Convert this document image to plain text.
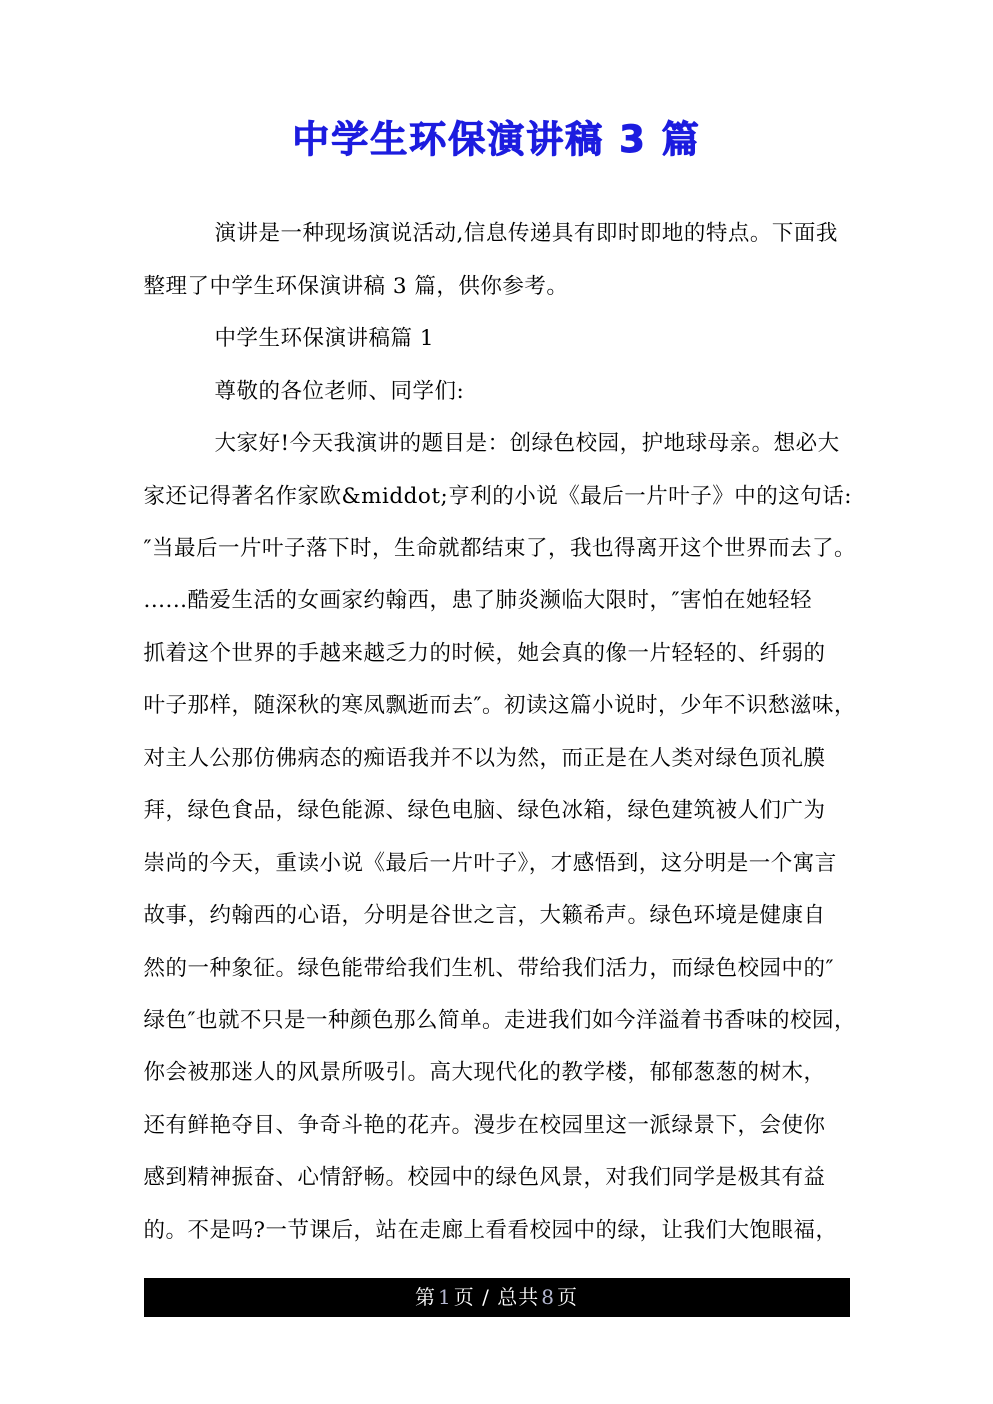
中学生环保演讲稿 3 篇
演讲是一种现场演说活动,信息传递具有即时即地的特点。下面我
整理了中学生环保演讲稿 3 篇，供你参考。
中学生环保演讲稿篇 1
尊敬的各位老师、同学们:
大家好!今天我演讲的题目是：创绿色校园，护地球母亲。想必大
家还记得著名作家欧&middot;亨利的小说《最后一片叶子》中的这句话:
″当最后一片叶子落下时，生命就都结束了，我也得离开这个世界而去了。
......酷爱生活的女画家约翰西，患了肺炎濒临大限时，″害怕在她轻轻
抓着这个世界的手越来越乏力的时候，她会真的像一片轻轻的、纤弱的
叶子那样，随深秋的寒凤飘逝而去″。初读这篇小说时，少年不识愁滋味，
对主人公那仿佛病态的痴语我并不以为然，而正是在人类对绿色顶礼膜
拜，绿色食品，绿色能源、绿色电脑、绿色冰箱，绿色建筑被人们广为
崇尚的今天，重读小说《最后一片叶子》，才感悟到，这分明是一个寓言
故事，约翰西的心语，分明是谷世之言，大籁希声。绿色环境是健康自
然的一种象征。绿色能带给我们生机、带给我们活力，而绿色校园中的″
绿色″也就不只是一种颜色那么简单。走进我们如今洋溢着书香味的校园，
你会被那迷人的风景所吸引。高大现代化的教学楼，郁郁葱葱的树木，
还有鲜艳夺目、争奇斗艳的花卉。漫步在校园里这一派绿景下，会使你
感到精神振奋、心情舒畅。校园中的绿色风景，对我们同学是极其有益
的。不是吗?一节课后，站在走廊上看看校园中的绿，让我们大饱眼福，
第 1 页 / 总共 8 页
